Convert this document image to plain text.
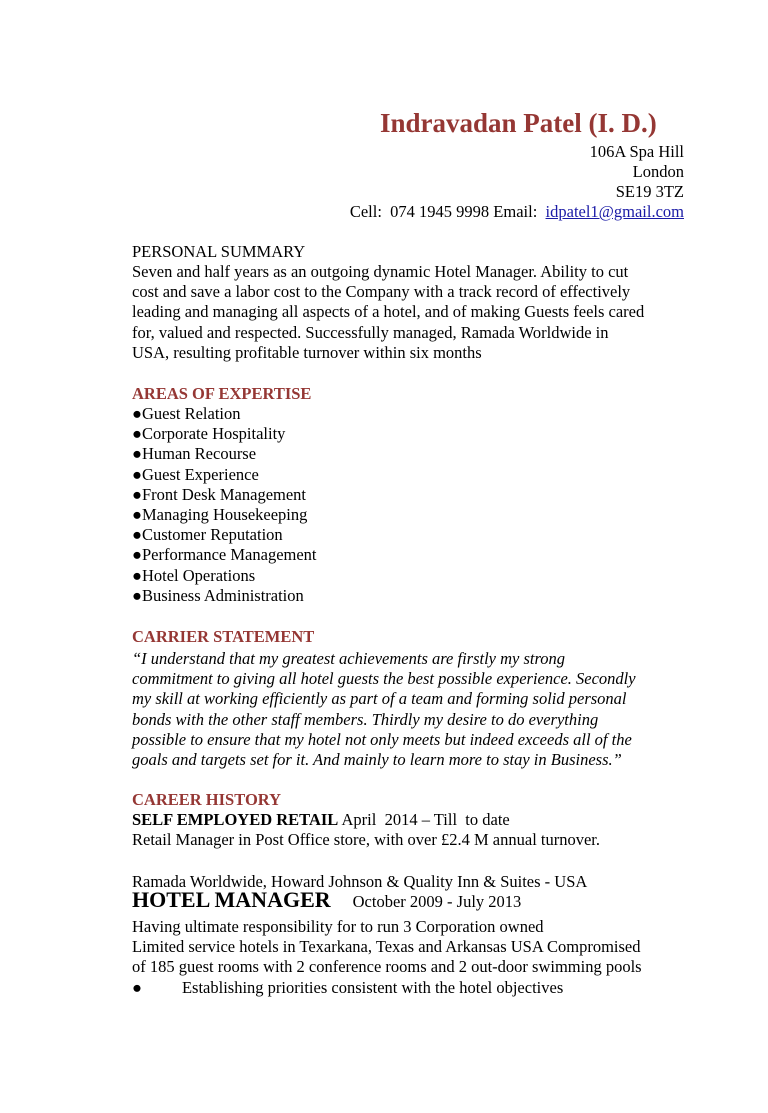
Indravadan Patel (I. D.)
106A Spa Hill
London
SE19 3TZ
Cell:  074 1945 9998 Email:  idpatel1@gmail.com
PERSONAL SUMMARY
Seven and half years as an outgoing dynamic Hotel Manager. Ability to cut
cost and save a labor cost to the Company with a track record of effectively
leading and managing all aspects of a hotel, and of making Guests feels cared
for, valued and respected. Successfully managed, Ramada Worldwide in
USA, resulting profitable turnover within six months
AREAS OF EXPERTISE
●Guest Relation
●Corporate Hospitality
●Human Recourse
●Guest Experience
●Front Desk Management
●Managing Housekeeping
●Customer Reputation
●Performance Management
●Hotel Operations
●Business Administration
CARRIER STATEMENT
“I understand that my greatest achievements are firstly my strong
commitment to giving all hotel guests the best possible experience. Secondly
my skill at working efficiently as part of a team and forming solid personal
bonds with the other staff members. Thirdly my desire to do everything
possible to ensure that my hotel not only meets but indeed exceeds all of the
goals and targets set for it. And mainly to learn more to stay in Business.”
CAREER HISTORY
SELF EMPLOYED RETAIL April  2014 – Till  to date
Retail Manager in Post Office store, with over £2.4 M annual turnover.
Ramada Worldwide, Howard Johnson & Quality Inn & Suites - USA
HOTEL MANAGER October 2009 - July 2013
Having ultimate responsibility for to run 3 Corporation owned
Limited service hotels in Texarkana, Texas and Arkansas USA Compromised
of 185 guest rooms with 2 conference rooms and 2 out-door swimming pools
● Establishing priorities consistent with the hotel objectives
